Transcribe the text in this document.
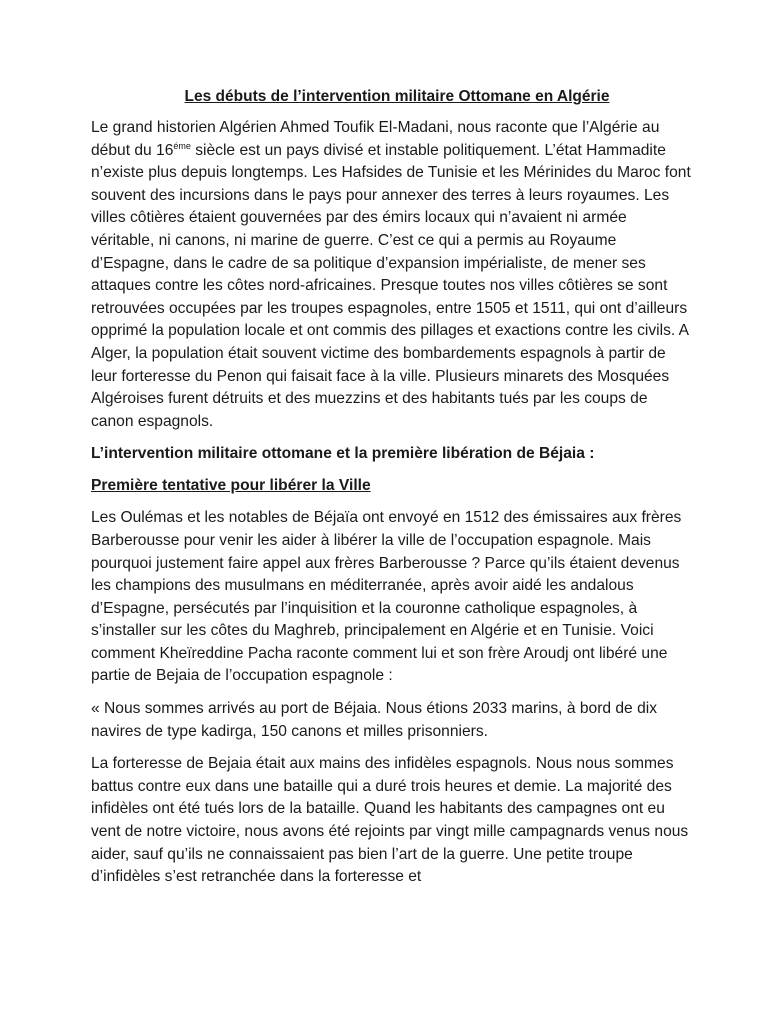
Les débuts de l’intervention militaire Ottomane en Algérie

Le grand historien Algérien Ahmed Toufik El-Madani, nous raconte que l’Algérie au début du $16^{éme}$ siècle est un pays divisé et instable politiquement. L’état Hammadite n’existe plus depuis longtemps. Les Hafsides de Tunisie et les Mérinides du Maroc font souvent des incursions dans le pays pour annexer des terres à leurs royaumes. Les villes côtières étaient gouvernées par des émirs locaux qui n’avaient ni armée véritable, ni canons, ni marine de guerre. C’est ce qui a permis au Royaume d’Espagne, dans le cadre de sa politique d’expansion impérialiste, de mener ses attaques contre les côtes nord-africaines. Presque toutes nos villes côtières se sont retrouvées occupées par les troupes espagnoles, entre 1505 et 1511, qui ont d’ailleurs opprimé la population locale et ont commis des pillages et exactions contre les civils. A Alger, la population était souvent victime des bombardements espagnols à partir de leur forteresse du Penon qui faisait face à la ville. Plusieurs minarets des Mosquées Algéroises furent détruits et des muezzins et des habitants tués par les coups de canon espagnols.

L’intervention militaire ottomane et la première libération de Béjaia :
Première tentative pour libérer la Ville

Les Oulémas et les notables de Béjaïa ont envoyé en 1512 des émissaires aux frères Barberousse pour venir les aider à libérer la ville de l’occupation espagnole. Mais pourquoi justement faire appel aux frères Barberousse ? Parce qu’ils étaient devenus les champions des musulmans en méditerranée, après avoir aidé les andalous d’Espagne, persécutés par l’inquisition et la couronne catholique espagnoles, à s’installer sur les côtes du Maghreb, principalement en Algérie et en Tunisie. Voici comment Kheïreddine Pacha raconte comment lui et son frère Aroudj ont libéré une partie de Bejaia de l’occupation espagnole :

« Nous sommes arrivés au port de Béjaia. Nous étions 2033 marins, à bord de dix navires de type kadirga, 150 canons et milles prisonniers.

La forteresse de Bejaia était aux mains des infidèles espagnols. Nous nous sommes battus contre eux dans une bataille qui a duré trois heures et demie. La majorité des infidèles ont été tués lors de la bataille. Quand les habitants des campagnes ont eu vent de notre victoire, nous avons été rejoints par vingt mille campagnards venus nous aider, sauf qu’ils ne connaissaient pas bien l’art de la guerre. Une petite troupe d’infidèles s’est retranchée dans la forteresse et
